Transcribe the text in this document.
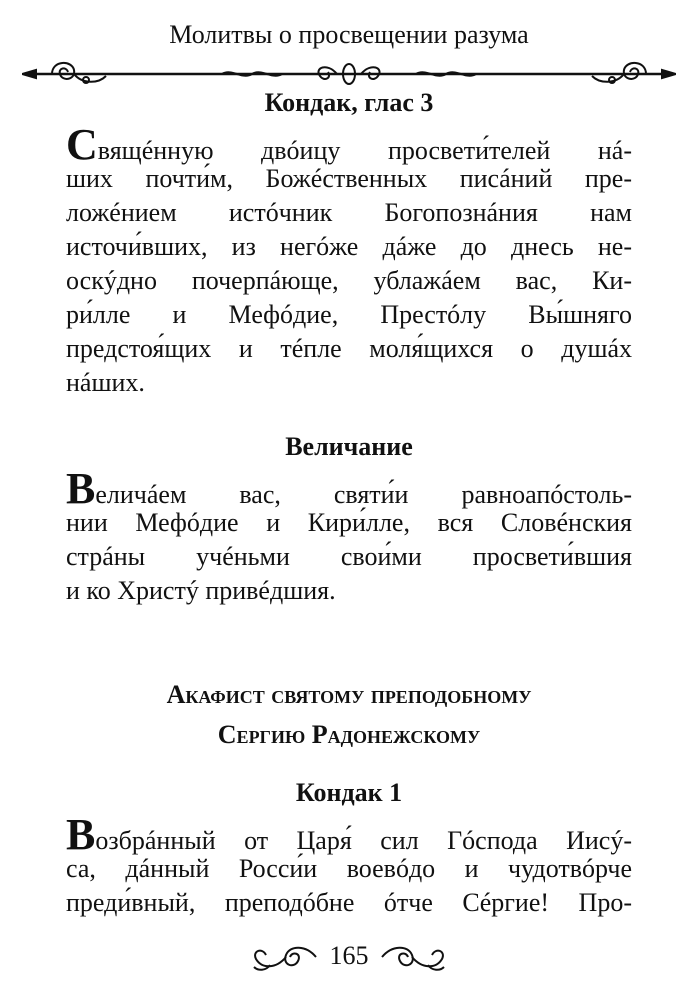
Молитвы о просвещении разума
Кондак, глас 3
Свящéнную двóицу просвети́телей нá-
ших почти́м, Божéственных писáний пре-
ложéнием истóчник Богопознáния нам
источи́вших, из негóже дáже до днесь не-
оскýдно почерпáюще, ублажáем вас, Ки-
ри́лле и Мефóдие, Престóлу Вы́шняго
предстоя́щих и тéпле моля́щихся о душáх
нáших.
Величание
Величáем вас, святи́и равноапóстоль-
нии Мефóдие и Кири́лле, вся Словéнския
стрáны учéньми свои́ми просвети́вшия
и ко Христý привéдшия.
Акафист святому преподобному
Сергию Радонежскому
Кондак 1
Возбрáнный от Царя́ сил Гóспода Иисý-
са, дáнный Росси́и воевóдо и чудотвóрче
преди́вный, преподóбне óтче Сéргие! Про-
165
